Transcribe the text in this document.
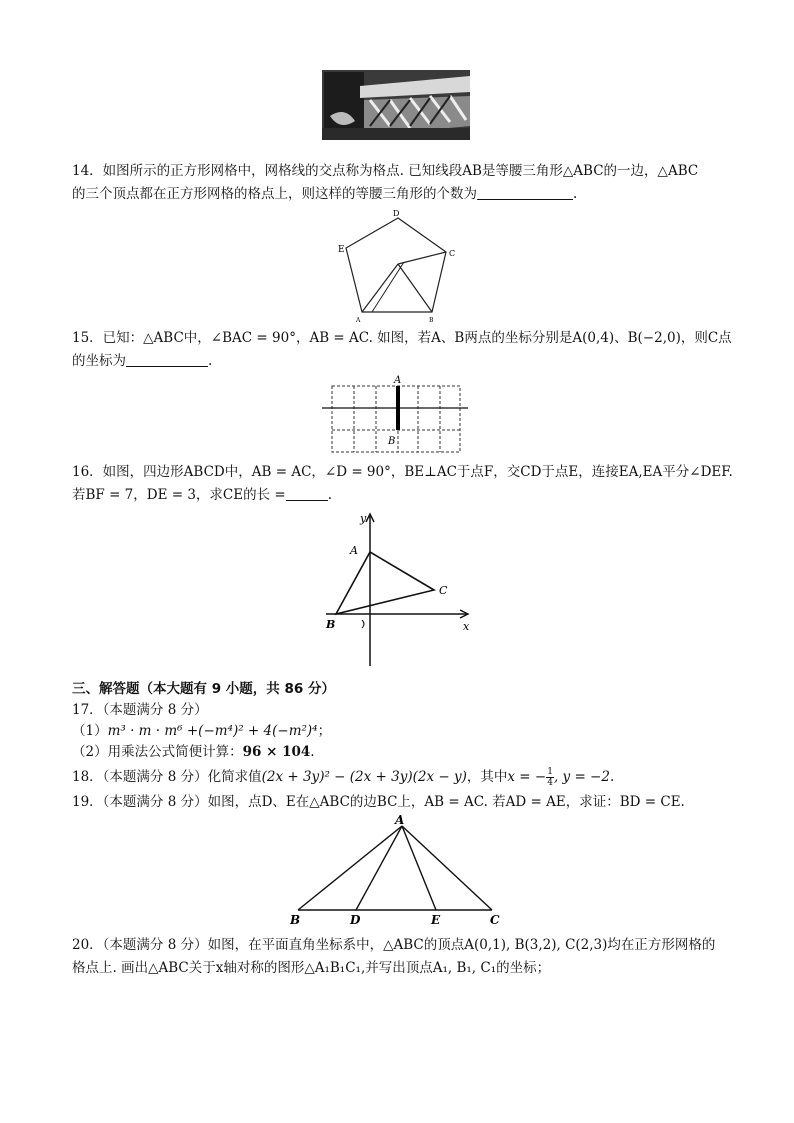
14．如图所示的正方形网格中，网格线的交点称为格点. 已知线段AB是等腰三角形△ABC的一边，△ABC
的三个顶点都在正方形网格的格点上，则这样的等腰三角形的个数为	.
D
E	C
A	B
15．已知：△ABC中，∠BAC = 90°，AB = AC. 如图，若A、B两点的坐标分别是A(0,4)、B(−2,0)，则C点
的坐标为	.
A
B
16．如图，四边形ABCD中，AB = AC，∠D = 90°，BE⊥AC于点F，交CD于点E，连接EA,EA平分∠DEF.
若BF = 7，DE = 3，求CE的长 =	.
y
A
C
B	x
三、解答题（本大题有 9 小题，共 86 分）
17．（本题满分 8 分）
（1）m³ · m · m⁶ +(−m⁴)² + 4(−m²)⁴；
（2）用乘法公式简便计算：96 × 104.
18．（本题满分 8 分）化简求值(2x + 3y)² − (2x + 3y)(2x − y)，其中x = − $\frac{1}{4}$ , y = −2.
19．（本题满分 8 分）如图，点D、E在△ABC的边BC上，AB = AC. 若AD = AE，求证：BD = CE.
A
B	D	E	C
20．（本题满分 8 分）如图，在平面直角坐标系中，△ABC的顶点A(0,1), B(3,2), C(2,3)均在正方形网格的
格点上. 画出△ABC关于x轴对称的图形△A₁B₁C₁,并写出顶点A₁, B₁, C₁的坐标；
